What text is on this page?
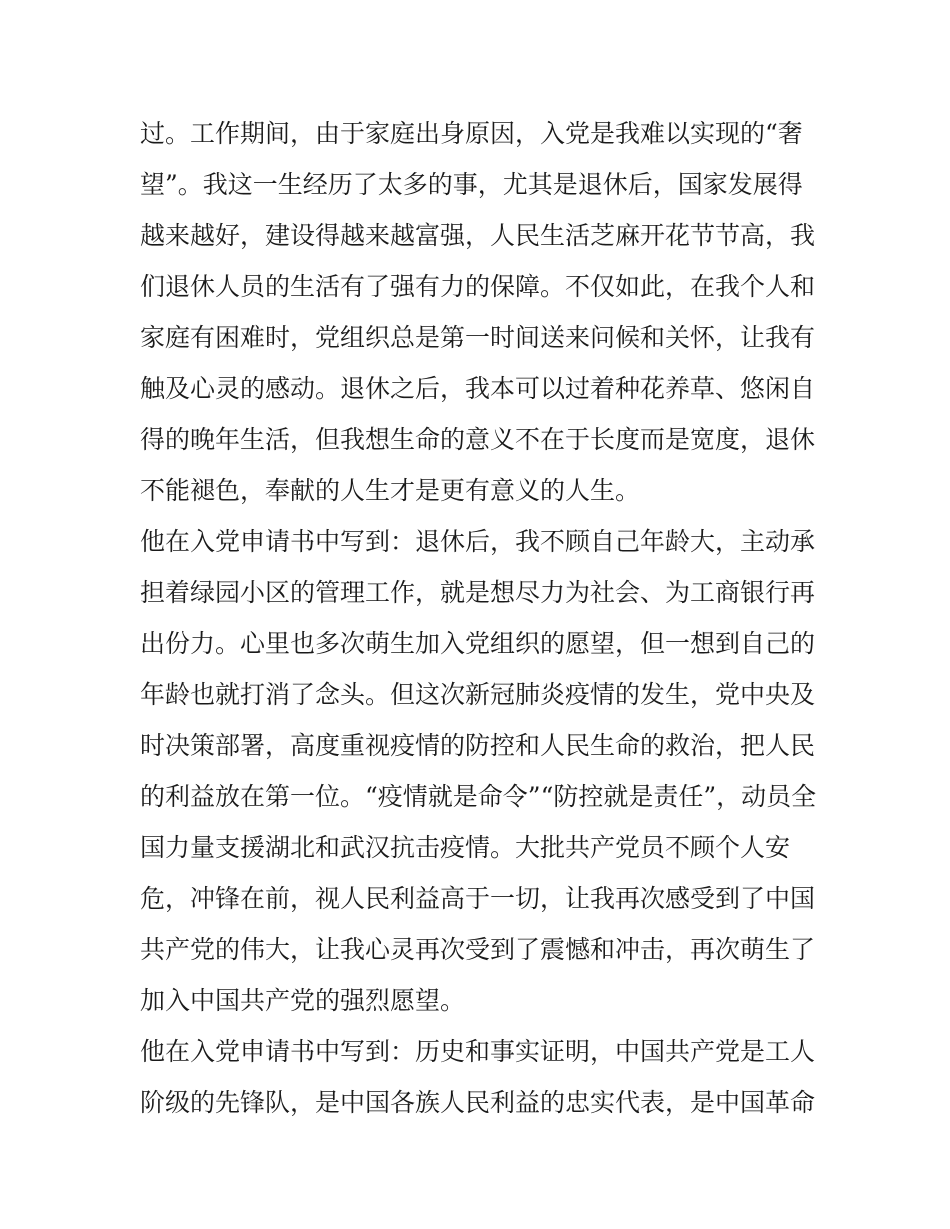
过。工作期间，由于家庭出身原因，入党是我难以实现的“奢
望”。我这一生经历了太多的事，尤其是退休后，国家发展得
越来越好，建设得越来越富强，人民生活芝麻开花节节高，我
们退休人员的生活有了强有力的保障。不仅如此，在我个人和
家庭有困难时，党组织总是第一时间送来问候和关怀，让我有
触及心灵的感动。退休之后，我本可以过着种花养草、悠闲自
得的晚年生活，但我想生命的意义不在于长度而是宽度，退休
不能褪色，奉献的人生才是更有意义的人生。
他在入党申请书中写到：退休后，我不顾自己年龄大，主动承
担着绿园小区的管理工作，就是想尽力为社会、为工商银行再
出份力。心里也多次萌生加入党组织的愿望，但一想到自己的
年龄也就打消了念头。但这次新冠肺炎疫情的发生，党中央及
时决策部署，高度重视疫情的防控和人民生命的救治，把人民
的利益放在第一位。“疫情就是命令”“防控就是责任”，动员全
国力量支援湖北和武汉抗击疫情。大批共产党员不顾个人安
危，冲锋在前，视人民利益高于一切，让我再次感受到了中国
共产党的伟大，让我心灵再次受到了震憾和冲击，再次萌生了
加入中国共产党的强烈愿望。
他在入党申请书中写到：历史和事实证明，中国共产党是工人
阶级的先锋队，是中国各族人民利益的忠实代表，是中国革命
